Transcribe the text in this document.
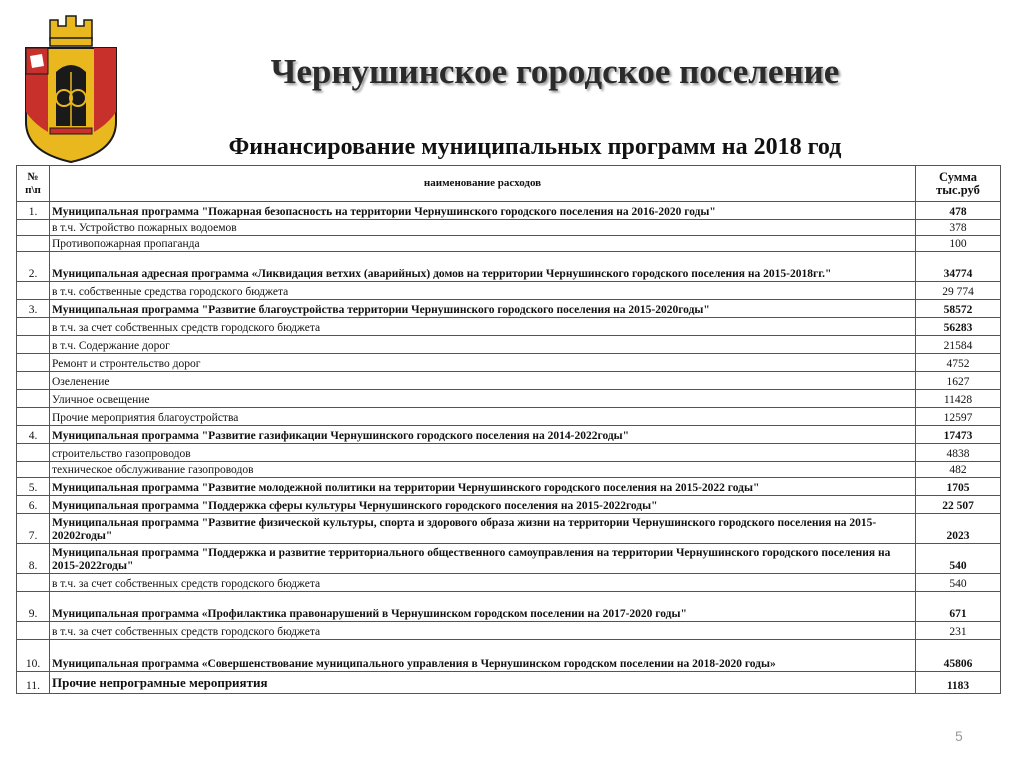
Чернушинское городское поселение
Финансирование муниципальных программ на 2018 год
№ п\п	наименование расходов	Сумма тыс.руб
1.	Муниципальная программа "Пожарная безопасность на территории Чернушинского городского поселения на 2016-2020 годы"	478
	в т.ч. Устройство пожарных водоемов	378
	Противопожарная пропаганда	100
2.	Муниципальная адресная программа «Ликвидация ветхих (аварийных) домов на территории Чернушинского городского поселения на 2015-2018гг."	34774
	в т.ч. собственные средства городского бюджета	29 774
3.	Муниципальная программа "Развитие благоустройства территории Чернушинского городского поселения на 2015-2020годы"	58572
	в т.ч. за счет собственных средств городского бюджета	56283
	в т.ч. Содержание дорог	21584
	Ремонт и стронтельство дорог	4752
	Озеленение	1627
	Уличное освещение	11428
	Прочие мероприятия благоустройства	12597
4.	Муниципальная программа "Развитие газификации Чернушинского городского поселения на 2014-2022годы"	17473
	строительство газопроводов	4838
	техническое обслуживание газопроводов	482
5.	Муниципальная программа "Развитие молодежной политики на территории Чернушинского городского поселения на 2015-2022 годы"	1705
6.	Муниципальная программа "Поддержка сферы культуры Чернушинского городского поселения на 2015-2022годы"	22 507
7.	Муниципальная программа "Развитие физической культуры, спорта и здорового образа жизни на территории Чернушинского городского поселения на 2015-20202годы"	2023
8.	Муниципальная программа "Поддержка и развитие территориального общественного самоуправления на территории Чернушинского городского поселения на 2015-2022годы"	540
	в т.ч. за счет собственных средств городского бюджета	540
9.	Муниципальная программа «Профилактика правонарушений в Чернушинском городском поселении на 2017-2020 годы"	671
	в т.ч. за счет собственных средств городского бюджета	231
10.	Муниципальная программа «Совершенствование муниципального управления в Чернушинском городском поселении на 2018-2020 годы»	45806
11.	Прочие непрограмные мероприятия	1183
5
